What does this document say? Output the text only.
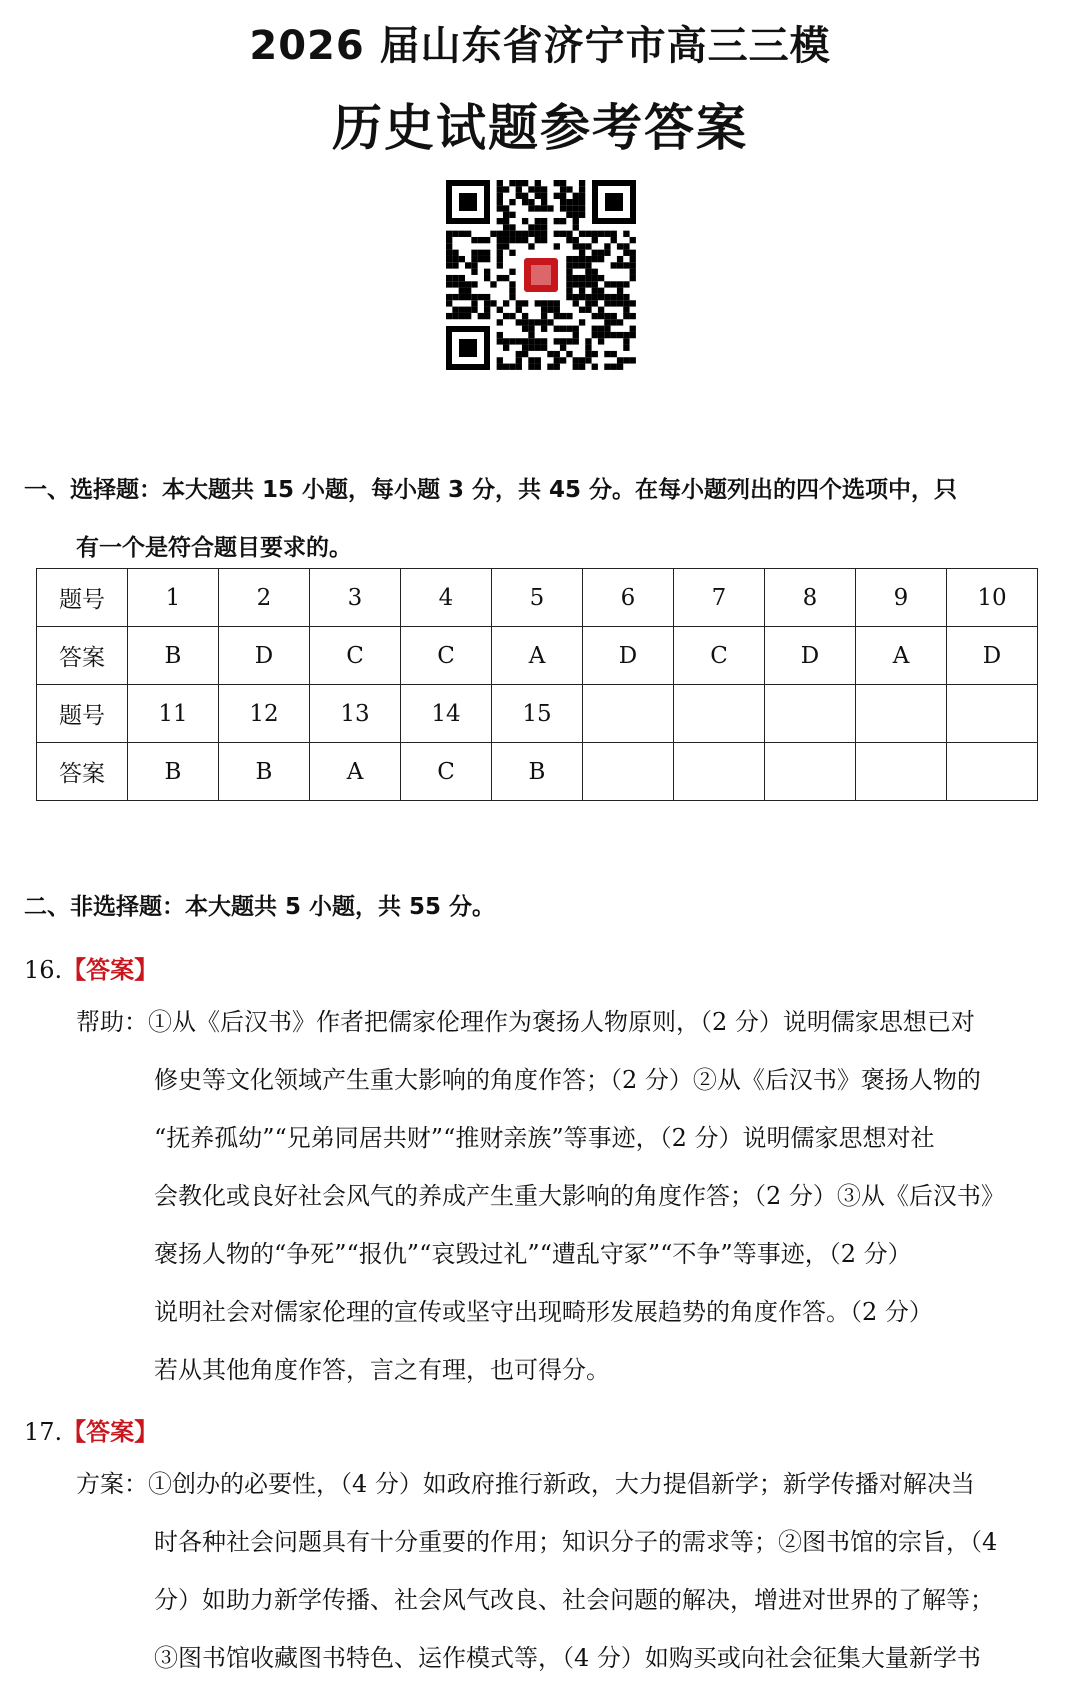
2026 届山东省济宁市高三三模
历史试题参考答案
一、选择题：本大题共 15 小题，每小题 3 分，共 45 分。在每小题列出的四个选项中，只
有一个是符合题目要求的。
题号	1	2	3	4	5	6	7	8	9	10
答案	B	D	C	C	A	D	C	D	A	D
题号	11	12	13	14	15					
答案	B	B	A	C	B					
二、非选择题：本大题共 5 小题，共 55 分。
16.【答案】
帮助：①从《后汉书》作者把儒家伦理作为褒扬人物原则，（2 分）说明儒家思想已对
修史等文化领域产生重大影响的角度作答；（2 分）②从《后汉书》褒扬人物的
“抚养孤幼”“兄弟同居共财”“推财亲族”等事迹，（2 分）说明儒家思想对社
会教化或良好社会风气的养成产生重大影响的角度作答；（2 分）③从《后汉书》
褒扬人物的“争死”“报仇”“哀毁过礼”“遭乱守冢”“不争”等事迹，（2 分）
说明社会对儒家伦理的宣传或坚守出现畸形发展趋势的角度作答。（2 分）
若从其他角度作答，言之有理，也可得分。
17.【答案】
方案：①创办的必要性，（4 分）如政府推行新政，大力提倡新学；新学传播对解决当
时各种社会问题具有十分重要的作用；知识分子的需求等；②图书馆的宗旨，（4
分）如助力新学传播、社会风气改良、社会问题的解决，增进对世界的了解等；
③图书馆收藏图书特色、运作模式等，（4 分）如购买或向社会征集大量新学书
